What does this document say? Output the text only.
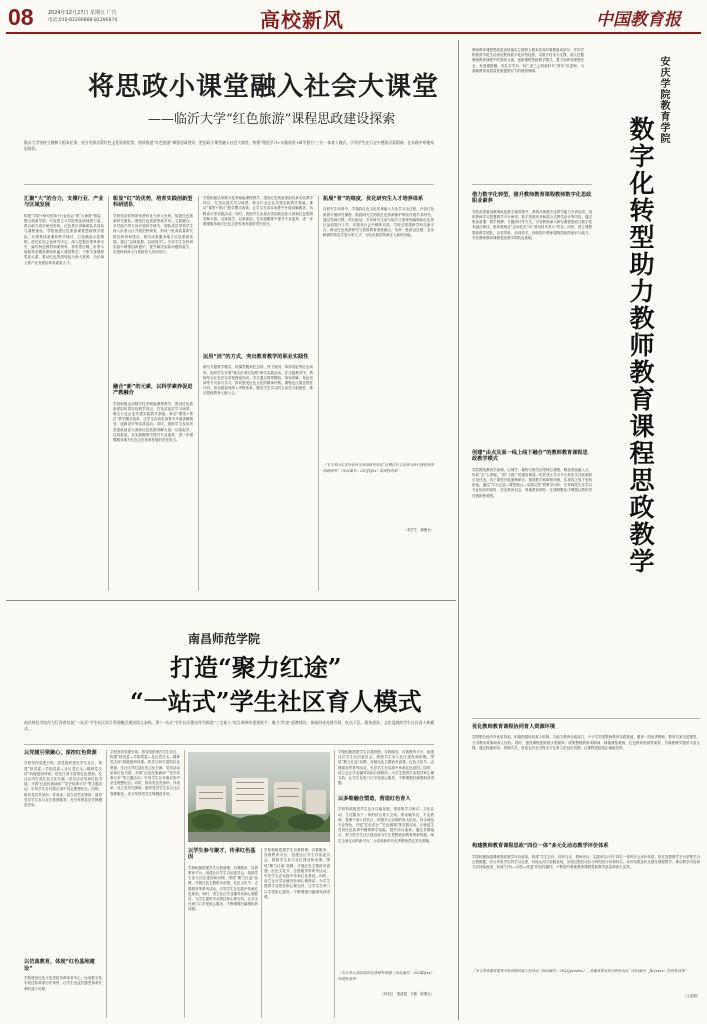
08	2024年12月27日 星期五 广告
电话:010-82296888 82296870	高校新风	中国教育报
将思政小课堂融入社会大课堂
——临沂大学“红色旅游”课程思政建设探索
临沂大学坚持立德树人根本任务，充分发挥沂蒙红色文化资源优势，持续推进“红色旅游”课程思政建设，把思政小课堂融入社会大课堂，构建“理论学习+实践体验+研学旅行”三位一体育人模式，引导学生在行走中感悟沂蒙精神，在实践中厚植家国情怀。
汇聚“大”的合力，支撑行业、产业与区域发展
构建“学院+研究机构+行业协会”的“大师资”格局，整合旅游学院、马克思主义学院等优质师资力量，联合地方党史研究机构、红色景区讲解团队共同参与课程建设。学校组建红色旅游课程思政教学团队，开展集体备课和教学研讨，打造精品示范课程。依托红色文化研究中心，深入挖掘沂蒙革命历史，编写特色教材和案例库，将沂蒙红嫂、沂蒙六姐妹等英模故事有机融入课堂教学，不断丰富课程思政元素，推动红色资源转化为育人资源，为区域文旅产业发展培养高素质人才。
彰显“红”的优势，培育实践创新型科研团队
学校坚持将科研优势转化为育人优势，组建红色旅游研究团队，围绕红色旅游资源开发、文旅融合、乡村振兴等方向开展科学研究。团队成员带领学生深入沂蒙山区开展田野调查，形成一批高质量研究报告和咨询建议，相关成果服务地方红色旅游发展。通过“以研促教、以研促学”，引导学生在科研实践中增强创新意识，提升解决实际问题的能力，实现科研育人与思政育人同向同行。
融合“新”的元素，以科学素养促进产教融合
学校积极运用数字技术赋能课程教学，建设红色旅游虚拟仿真实验教学项目，打造沉浸式学习场景。联合行业企业共建实践教学基地，推动“课堂+景区”教学模式改革，让学生在真实场景中开展讲解服务、线路设计等实践活动。同时，鼓励学生参加各类创新创业大赛和红色旅游讲解大赛，以赛促学、以赛促创，在实践锻炼中提升专业素养，进一步增强服务地方红色文化传承发展的责任担当。
学校积极运用数字技术赋能课程教学，建设红色旅游虚拟仿真实验教学项目，打造沉浸式学习场景。联合行业企业共建实践教学基地，推动“课堂+景区”教学模式改革，让学生在真实场景中开展讲解服务、线路设计等实践活动。同时，鼓励学生参加各类创新创业大赛和红色旅游讲解大赛，以赛促学、以赛促创，在实践锻炼中提升专业素养，进一步增强服务地方红色文化传承发展的责任担当。
运用“活”的方式，突出教育教学的职业实践性
研究专题教学模式，将课堂搬到纪念馆、烈士陵园、革命旧址等红色场所，组织学生开展“重走沂蒙红色路”研学实践活动。在实践教学中，教师结合红色史实讲授理论知识，学生通过情景模拟、现场讲解、角色扮演等方式参与学习，真切感受红色文化的精神内核。课程还注重过程性评价，将实践表现纳入考核体系，激发学生学习的主动性与积极性，推动思政教育入脑入心。
拓展“育”的维度，优化研究生人才培养体系
在研究生培养中，学校将红色文化传承融入专业学习全过程，开设红色旅游专题研究课程，鼓励研究生围绕红色资源保护利用开展学术研究。通过导师引领、项目驱动，引导研究生参与地方文旅规划编制和红色景区品质提升工作，在服务社会中锤炼本领。学校还搭建跨学科交流平台，推动红色旅游研究与思政教育深度融合，培养一批政治过硬、业务精湛的高层次复合型人才，为红色基因传承注入新的动能。
〔本文系山东省社会科学规划研究项目“沂蒙红色文化研学旅行课程体系构建研究”（项目编号：21CJYJ0x）阶段性成果〕
（李学芝　谢聚贞）
教师教育课程思政是高校落实立德树人根本任务的重要组成部分。安庆学院教育学院主动适应教育数字化转型趋势，以数字技术为支撑，深入挖掘教师教育课程中的思政元素，创新课程思政教学模式，着力培养有理想信念、有道德情操、有扎实学识、有仁爱之心的新时代“四有”好老师，为基础教育高质量发展提供有力的师资保障。	安庆学院教育学院
数字化转型助力教师教育课程思政教学
借力数字化转型，提升教师教育课程教师数字化思政职业素养
学院高度重视教师队伍数字素养提升，系统开展数字化教学能力专项培训，组织教师学习智慧教学平台使用、数字资源开发和混合式教学设计等内容。通过集体备课、教学观摩、专题研讨等方式，引导教师深入研究课程思政与数字技术融合路径，推动教师从“会用技术”向“善用技术育人”转变。同时，建立课程思政教学团队，以老带新、协同攻关，持续提升教师课程思政的意识与能力，夯实教师教育课程思政教学的队伍基础。
创建“由点及面一线上线下融合”的教师教育课程思政教学模式
学院围绕教育学原理、心理学、课程与教学论等核心课程，精选思政融入点，形成“点”上突破、“面”上推广的建设格局。依托线上学习平台发布学习资源和讨论任务，线下课堂开展案例研讨、情境教学和微格训练，实现线上线下有机衔接。通过“学习记录—课堂展示—实践反思”的教学闭环，引导师范生在学习专业知识的同时，坚定教育信念，厚植教育情怀，在潜移默化中增强从教的责任感和使命感。
优化教师教育课程协同育人资源环境
学院整合校内外优质资源，积极构建协同育人机制。与地方教育行政部门、中小学共建教师教育实践基地，邀请一线优秀教师、教育名家走进课堂，分享教育故事和育人经验。同时，建设课程思政数字资源库，收集整理教育家精神、师德典型案例、红色教育资源等素材，为课程教学提供丰富支撑。通过校地协同、资源共享，营造全员全过程全方位育人的良好氛围，让课程思政真正落地见效。
构建教师教育课程思政“四位一体”多元化动态教学评价体系
学院积极探索课程思政教学评价改革，构建“学生自评、同伴互评、教师评价、实践单位评价”四位一体的多元评价体系。依托智慧教学平台采集学习过程数据，综合考查学生的学习态度、价值认同与实践表现，实现过程性评价与终结性评价相结合。评价结果及时反馈至课程教学，推动教学内容和方法持续改进，形成“评价—反馈—改进”的良性循环，不断提升教师教育课程思政教学质量和育人实效。
〔本文系安徽省高等学校省级质量工程项目（项目编号：2022jyxm0xx）、安徽省教育科学研究项目（项目编号：JK2xxxx）阶段性成果〕
（王成娟）
南昌师范学院
打造“聚力红途”
“一站式”学生社区育人模式
南昌师范学院作为江西省首批“一站式”学生社区综合管理模式建设试点高校，将“一站式”学生社区建设作为推进“三全育人”综合改革的重要抓手，聚力“红途”品牌建设，探索形成党建引领、队伍下沉、服务进驻、文化浸润的学生社区育人新模式。
以党建引领聚心，深挖红色资源
学校坚持党建引领，将党组织建在学生社区，构建“校党委—学院党委—社区党总支—楼栋党支部”四级组织体系。依托江西丰富的红色资源，在社区内打造红色文化长廊、党员活动室和红色书屋，开展“红色经典诵读”“党史故事分享”等主题活动，引导学生在耳濡目染中坚定理想信念。同时，推动党员亮身份、作表率，设立党员先锋岗，组织党员学生参与社区管理服务，充分发挥党员先锋模范作用。
以仿真教育，体现“红色基地建设”
学校建设红色文化虚拟仿真体验中心，运用数字化手段还原革命历史场景，让学生沉浸式感受革命先辈的奋斗历程。
学校坚持党建引领，将党组织建在学生社区，构建“校党委—学院党委—社区党总支—楼栋党支部”四级组织体系。依托江西丰富的红色资源，在社区内打造红色文化长廊、党员活动室和红色书屋，开展“红色经典诵读”“党史故事分享”等主题活动，引导学生在耳濡目染中坚定理想信念。同时，推动党员亮身份、作表率，设立党员先锋岗，组织党员学生参与社区管理服务，充分发挥党员先锋模范作用。
以学生参与聚才，传承红色基因
学校积极搭建学生自我管理、自我服务、自我教育平台，组建社区学生自治委员会，鼓励学生参与社区建设和治理。围绕“聚力红途”品牌，开展红色主题宿舍创建、红色文化节、志愿服务等系列活动，引导学生在实践中传承红色基因。同时，设立社区学业辅导站和心理驿站，为学生提供学业帮扶和心理支持，让学生在家门口享受贴心服务，不断增强归属感和获得感。
学校积极搭建学生自我管理、自我服务、自我教育平台，组建社区学生自治委员会，鼓励学生参与社区建设和治理。围绕“聚力红途”品牌，开展红色主题宿舍创建、红色文化节、志愿服务等系列活动，引导学生在实践中传承红色基因。同时，设立社区学业辅导站和心理驿站，为学生提供学业帮扶和心理支持，让学生在家门口享受贴心服务，不断增强归属感和获得感。
学校积极搭建学生自我管理、自我服务、自我教育平台，组建社区学生自治委员会，鼓励学生参与社区建设和治理。围绕“聚力红途”品牌，开展红色主题宿舍创建、红色文化节、志愿服务等系列活动，引导学生在实践中传承红色基因。同时，设立社区学业辅导站和心理驿站，为学生提供学业帮扶和心理支持，让学生在家门口享受贴心服务，不断增强归属感和获得感。
以多维融合塑造，营造红色育人
学校持续推进学生社区功能拓展，建设集学习研讨、文化活动、生活服务于一体的综合育人空间。推动辅导员、专业教师、管理干部入驻社区，构建多元协同的育人队伍。结合师范专业特色，开展“红色讲台”“红色微课”等实践活动，让师范生在讲红色故事中锤炼教学技能、提升综合素养。通过多维融合，努力把学生社区建设成为学生思想政治教育的新阵地、师生交流互动的新平台，为培养新时代优秀教师奠定坚实基础。
〔本文系江西省高校党建研究课题（项目编号：2024DJxx）阶段性成果〕
（刘永红　燕清霞　王翱　陈肇玉）
